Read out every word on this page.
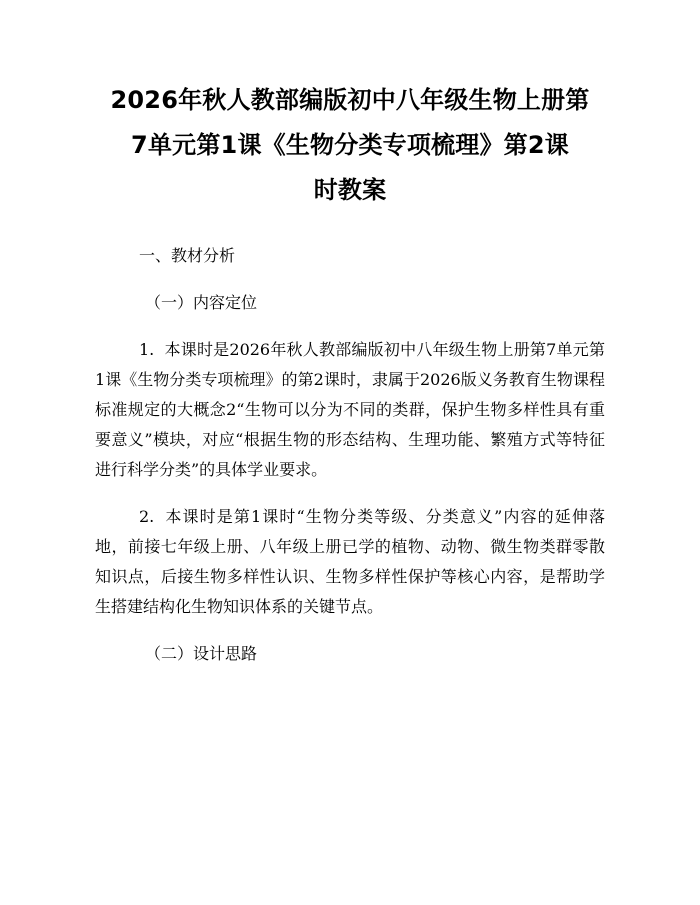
2026年秋人教部编版初中八年级生物上册第
7单元第1课《生物分类专项梳理》第2课
时教案

一、教材分析

（一）内容定位

1. 本课时是2026年秋人教部编版初中八年级生物上册第7单元第1课《生物分类专项梳理》的第2课时，隶属于2026版义务教育生物课程标准规定的大概念2“生物可以分为不同的类群，保护生物多样性具有重要意义”模块，对应“根据生物的形态结构、生理功能、繁殖方式等特征进行科学分类”的具体学业要求。

2. 本课时是第1课时“生物分类等级、分类意义”内容的延伸落地，前接七年级上册、八年级上册已学的植物、动物、微生物类群零散知识点，后接生物多样性认识、生物多样性保护等核心内容，是帮助学生搭建结构化生物知识体系的关键节点。

（二）设计思路
